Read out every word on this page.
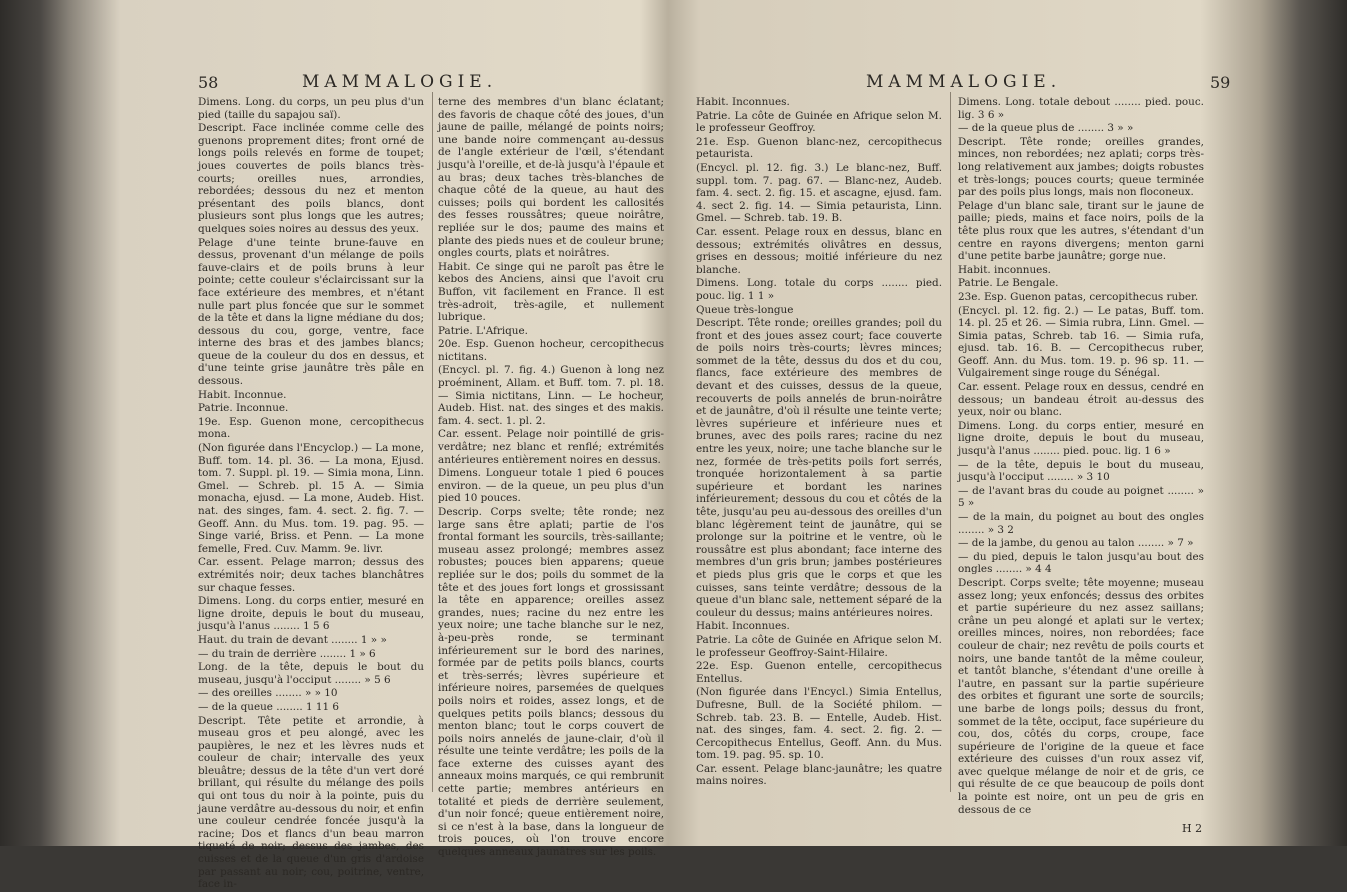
58	MAMMALOGIE.

Dimens. Long. du corps, un peu plus d'un pied (taille du sapajou saï).

Descript. Face inclinée comme celle des guenons proprement dites; front orné de longs poils relevés en forme de toupet; joues couvertes de poils blancs très-courts; oreilles nues, arrondies, rebordées; dessous du nez et menton présentant des poils blancs, dont plusieurs sont plus longs que les autres; quelques soies noires au dessus des yeux.

Pelage d'une teinte brune-fauve en dessus, provenant d'un mélange de poils fauve-clairs et de poils bruns à leur pointe; cette couleur s'éclaircissant sur la face extérieure des membres, et n'étant nulle part plus foncée que sur le sommet de la tête et dans la ligne médiane du dos; dessous du cou, gorge, ventre, face interne des bras et des jambes blancs; queue de la couleur du dos en dessus, et d'une teinte grise jaunâtre très pâle en dessous.

Habit. Inconnue.

Patrie. Inconnue.

19e. Esp. Guenon mone, cercopithecus mona.

(Non figurée dans l'Encyclop.) — La mone, Buff. tom. 14. pl. 36. — La mona, Ejusd. tom. 7. Suppl. pl. 19. — Simia mona, Linn. Gmel. — Schreb. pl. 15 A. — Simia monacha, ejusd. — La mone, Audeb. Hist. nat. des singes, fam. 4. sect. 2. fig. 7. — Geoff. Ann. du Mus. tom. 19. pag. 95. — Singe varié, Briss. et Penn. — La mone femelle, Fred. Cuv. Mamm. 9e. livr.

Car. essent. Pelage marron; dessus des extrémités noir; deux taches blanchâtres sur chaque fesses.

Dimens. Long. du corps entier, mesuré en ligne droite, depuis le bout du museau, jusqu'à l'anus ........ 1 5 6

Haut. du train de devant ........ 1 » »

— du train de derrière ........ 1 » 6

Long. de la tête, depuis le bout du museau, jusqu'à l'occiput ........ » 5 6

— des oreilles ........ » » 10

— de la queue ........ 1 11 6

Descript. Tête petite et arrondie, à museau gros et peu alongé, avec les paupières, le nez et les lèvres nuds et couleur de chair; intervalle des yeux bleuâtre; dessus de la tête d'un vert doré brillant, qui résulte du mélange des poils qui ont tous du noir à la pointe, puis du jaune verdâtre au-dessous du noir, et enfin une couleur cendrée foncée jusqu'à la racine; Dos et flancs d'un beau marron tiqueté de noir; dessus des jambes, des cuisses et de la queue d'un gris d'ardoise par passant au noir; cou, poitrine, ventre, face in-

terne des membres d'un blanc éclatant; des favoris de chaque côté des joues, d'un jaune de paille, mélangé de points noirs; une bande noire commençant au-dessus de l'angle extérieur de l'œil, s'étendant jusqu'à l'oreille, et de-là jusqu'à l'épaule et au bras; deux taches très-blanches de chaque côté de la queue, au haut des cuisses; poils qui bordent les callosités des fesses roussâtres; queue noirâtre, repliée sur le dos; paume des mains et plante des pieds nues et de couleur brune; ongles courts, plats et noirâtres.

Habit. Ce singe qui ne paroît pas être le kebos des Anciens, ainsi que l'avoit cru Buffon, vit facilement en France. Il est très-adroit, très-agile, et nullement lubrique.

Patrie. L'Afrique.

20e. Esp. Guenon hocheur, cercopithecus nictitans.

(Encycl. pl. 7. fig. 4.) Guenon à long nez proéminent, Allam. et Buff. tom. 7. pl. 18. — Simia nictitans, Linn. — Le hocheur, Audeb. Hist. nat. des singes et des makis. fam. 4. sect. 1. pl. 2.

Car. essent. Pelage noir pointillé de gris-verdâtre; nez blanc et renflé; extrémités antérieures entièrement noires en dessus.

Dimens. Longueur totale 1 pied 6 pouces environ. — de la queue, un peu plus d'un pied 10 pouces.

Descrip. Corps svelte; tête ronde; nez large sans être aplati; partie de l'os frontal formant les sourcils, très-saillante; museau assez prolongé; membres assez robustes; pouces bien apparens; queue repliée sur le dos; poils du sommet de la tête et des joues fort longs et grossissant la tête en apparence; oreilles assez grandes, nues; racine du nez entre les yeux noire; une tache blanche sur le nez, à-peu-près ronde, se terminant inférieurement sur le bord des narines, formée par de petits poils blancs, courts et très-serrés; lèvres supérieure et inférieure noires, parsemées de quelques poils noirs et roides, assez longs, et de quelques petits poils blancs; dessous du menton blanc; tout le corps couvert de poils noirs annelés de jaune-clair, d'où il résulte une teinte verdâtre; les poils de la face externe des cuisses ayant des anneaux moins marqués, ce qui rembrunit cette partie; membres antérieurs en totalité et pieds de derrière seulement, d'un noir foncé; queue entièrement noire, si ce n'est à la base, dans la longueur de trois pouces, où l'on trouve encore quelques anneaux jaunâtres sur les poils.

MAMMALOGIE.	59

Habit. Inconnues.

Patrie. La côte de Guinée en Afrique selon M. le professeur Geoffroy.

21e. Esp. Guenon blanc-nez, cercopithecus petaurista.

(Encycl. pl. 12. fig. 3.) Le blanc-nez, Buff. suppl. tom. 7. pag. 67. — Blanc-nez, Audeb. fam. 4. sect. 2. fig. 15. et ascagne, ejusd. fam. 4. sect 2. fig. 14. — Simia petaurista, Linn. Gmel. — Schreb. tab. 19. B.

Car. essent. Pelage roux en dessus, blanc en dessous; extrémités olivâtres en dessus, grises en dessous; moitié inférieure du nez blanche.

Dimens. Long. totale du corps ........ pied. pouc. lig. 1 1 »

Queue très-longue

Descript. Tête ronde; oreilles grandes; poil du front et des joues assez court; face couverte de poils noirs très-courts; lèvres minces; sommet de la tête, dessus du dos et du cou, flancs, face extérieure des membres de devant et des cuisses, dessus de la queue, recouverts de poils annelés de brun-noirâtre et de jaunâtre, d'où il résulte une teinte verte; lèvres supérieure et inférieure nues et brunes, avec des poils rares; racine du nez entre les yeux, noire; une tache blanche sur le nez, formée de très-petits poils fort serrés, tronquée horizontalement à sa partie supérieure et bordant les narines inférieurement; dessous du cou et côtés de la tête, jusqu'au peu au-dessous des oreilles d'un blanc légèrement teint de jaunâtre, qui se prolonge sur la poitrine et le ventre, où le roussâtre est plus abondant; face interne des membres d'un gris brun; jambes postérieures et pieds plus gris que le corps et que les cuisses, sans teinte verdâtre; dessous de la queue d'un blanc sale, nettement séparé de la couleur du dessus; mains antérieures noires.

Habit. Inconnues.

Patrie. La côte de Guinée en Afrique selon M. le professeur Geoffroy-Saint-Hilaire.

22e. Esp. Guenon entelle, cercopithecus Entellus.

(Non figurée dans l'Encycl.) Simia Entellus, Dufresne, Bull. de la Société philom. — Schreb. tab. 23. B. — Entelle, Audeb. Hist. nat. des singes, fam. 4. sect. 2. fig. 2. — Cercopithecus Entellus, Geoff. Ann. du Mus. tom. 19. pag. 95. sp. 10.

Car. essent. Pelage blanc-jaunâtre; les quatre mains noires.

Dimens. Long. totale debout ........ pied. pouc. lig. 3 6 »

— de la queue plus de ........ 3 » »

Descript. Tête ronde; oreilles grandes, minces, non rebordées; nez aplati; corps très-long relativement aux jambes; doigts robustes et très-longs; pouces courts; queue terminée par des poils plus longs, mais non floconeux.

Pelage d'un blanc sale, tirant sur le jaune de paille; pieds, mains et face noirs, poils de la tête plus roux que les autres, s'étendant d'un centre en rayons divergens; menton garni d'une petite barbe jaunâtre; gorge nue.

Habit. inconnues.

Patrie. Le Bengale.

23e. Esp. Guenon patas, cercopithecus ruber.

(Encycl. pl. 12. fig. 2.) — Le patas, Buff. tom. 14. pl. 25 et 26. — Simia rubra, Linn. Gmel. — Simia patas, Schreb. tab 16. — Simia rufa, ejusd. tab. 16. B. — Cercopithecus ruber, Geoff. Ann. du Mus. tom. 19. p. 96 sp. 11. — Vulgairement singe rouge du Sénégal.

Car. essent. Pelage roux en dessus, cendré en dessous; un bandeau étroit au-dessus des yeux, noir ou blanc.

Dimens. Long. du corps entier, mesuré en ligne droite, depuis le bout du museau, jusqu'à l'anus ........ pied. pouc. lig. 1 6 »

— de la tête, depuis le bout du museau, jusqu'à l'occiput ........ » 3 10

— de l'avant bras du coude au poignet ........ » 5 »

— de la main, du poignet au bout des ongles ........ » 3 2

— de la jambe, du genou au talon ........ » 7 »

— du pied, depuis le talon jusqu'au bout des ongles ........ » 4 4

Descript. Corps svelte; tête moyenne; museau assez long; yeux enfoncés; dessus des orbites et partie supérieure du nez assez saillans; crâne un peu alongé et aplati sur le vertex; oreilles minces, noires, non rebordées; face couleur de chair; nez revêtu de poils courts et noirs, une bande tantôt de la même couleur, et tantôt blanche, s'étendant d'une oreille à l'autre, en passant sur la partie supérieure des orbites et figurant une sorte de sourcils; une barbe de longs poils; dessus du front, sommet de la tête, occiput, face supérieure du cou, dos, côtés du corps, croupe, face supérieure de l'origine de la queue et face extérieure des cuisses d'un roux assez vif, avec quelque mélange de noir et de gris, ce qui résulte de ce que beaucoup de poils dont la pointe est noire, ont un peu de gris en dessous de ce

H 2
